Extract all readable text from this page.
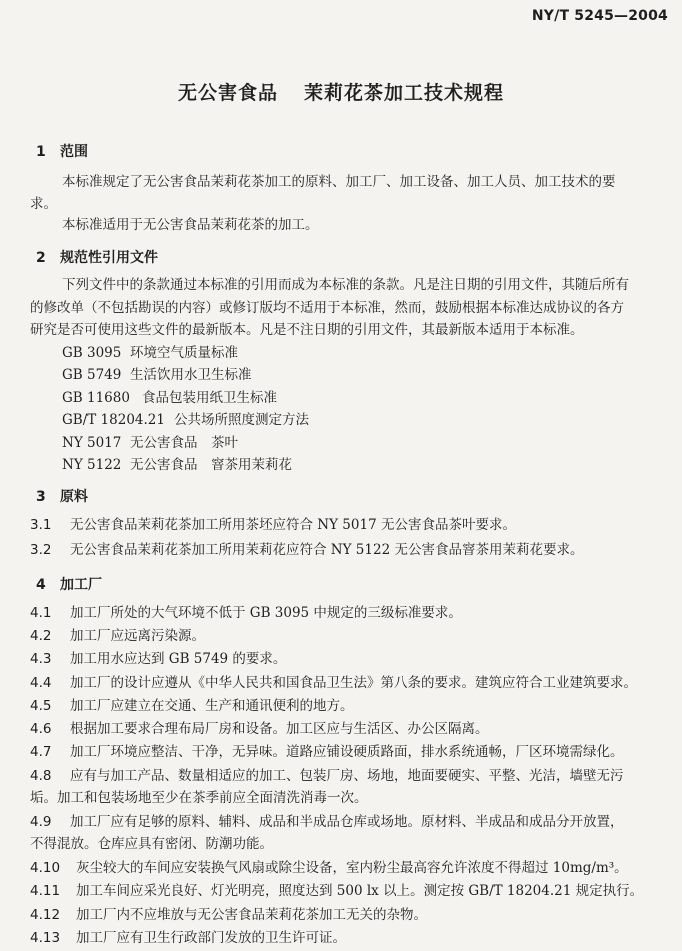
NY/T 5245—2004
无公害食品 茉莉花茶加工技术规程
1 范围
本标准规定了无公害食品茉莉花茶加工的原料、加工厂、加工设备、加工人员、加工技术的要
求。
本标准适用于无公害食品茉莉花茶的加工。
2 规范性引用文件
下列文件中的条款通过本标准的引用而成为本标准的条款。凡是注日期的引用文件，其随后所有
的修改单（不包括勘误的内容）或修订版均不适用于本标准，然而，鼓励根据本标准达成协议的各方
研究是否可使用这些文件的最新版本。凡是不注日期的引用文件，其最新版本适用于本标准。
GB 3095 环境空气质量标准
GB 5749 生活饮用水卫生标准
GB 11680 食品包装用纸卫生标准
GB/T 18204.21 公共场所照度测定方法
NY 5017 无公害食品　茶叶
NY 5122 无公害食品　窨茶用茉莉花
3 原料
3.1 无公害食品茉莉花茶加工所用茶坯应符合 NY 5017 无公害食品茶叶要求。
3.2 无公害食品茉莉花茶加工所用茉莉花应符合 NY 5122 无公害食品窨茶用茉莉花要求。
4 加工厂
4.1 加工厂所处的大气环境不低于 GB 3095 中规定的三级标准要求。
4.2 加工厂应远离污染源。
4.3 加工用水应达到 GB 5749 的要求。
4.4 加工厂的设计应遵从《中华人民共和国食品卫生法》第八条的要求。建筑应符合工业建筑要求。
4.5 加工厂应建立在交通、生产和通讯便利的地方。
4.6 根据加工要求合理布局厂房和设备。加工区应与生活区、办公区隔离。
4.7 加工厂环境应整洁、干净，无异味。道路应铺设硬质路面，排水系统通畅，厂区环境需绿化。
4.8 应有与加工产品、数量相适应的加工、包装厂房、场地，地面要硬实、平整、光洁，墙壁无污
垢。加工和包装场地至少在茶季前应全面清洗消毒一次。
4.9 加工厂应有足够的原料、辅料、成品和半成品仓库或场地。原材料、半成品和成品分开放置，
不得混放。仓库应具有密闭、防潮功能。
4.10 灰尘较大的车间应安装换气风扇或除尘设备，室内粉尘最高容允许浓度不得超过 10mg/m³。
4.11 加工车间应采光良好、灯光明亮，照度达到 500 lx 以上。测定按 GB/T 18204.21 规定执行。
4.12 加工厂内不应堆放与无公害食品茉莉花茶加工无关的杂物。
4.13 加工厂应有卫生行政部门发放的卫生许可证。
